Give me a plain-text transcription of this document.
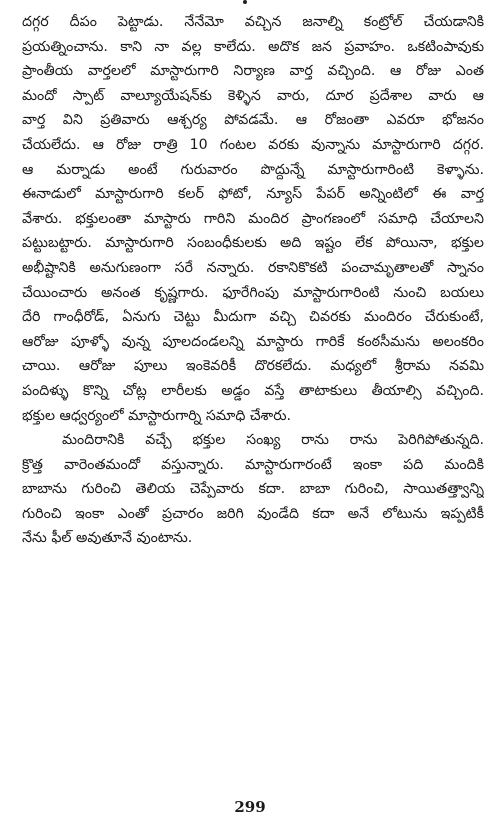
దగ్గర దీపం పెట్టాడు. నేనేమో వచ్చిన జనాల్ని కంట్రోల్ చేయడానికి
ప్రయత్నించాను. కాని నా వల్ల కాలేదు. అదొక జన ప్రవాహం. ఒకటింపావుకు
ప్రాంతీయ వార్తలలో మాస్టారుగారి నిర్యాణ వార్త వచ్చింది. ఆ రోజు ఎంత
మందో స్పాట్ వాల్యూయేషన్‌కు కెళ్ళిన వారు, దూర ప్రదేశాల వారు ఆ
వార్త విని ప్రతివారు ఆశ్చర్య పోవడమే. ఆ రోజంతా ఎవరూ భోజనం
చేయలేదు. ఆ రోజు రాత్రి 10 గంటల వరకు వున్నాను మాస్టారుగారి దగ్గర.
ఆ మర్నాడు అంటే గురువారం పొద్దున్నే మాస్టారుగారింటి కెళ్ళాను.
ఈనాడులో మాస్టారుగారి కలర్ ఫోటో, న్యూస్ పేపర్ అన్నింటిలో ఈ వార్త
వేశారు. భక్తులంతా మాస్టారు గారిని మందిర ప్రాంగణంలో సమాధి చేయాలని
పట్టుబట్టారు. మాస్టారుగారి సంబంధీకులకు అది ఇష్టం లేక పోయినా, భక్తుల
అభీష్టానికి అనుగుణంగా సరే నన్నారు. రకానికొకటి పంచామృతాలతో స్నానం
చేయించారు అనంత కృష్ణగారు. ఫూరేగింపు మాస్టారుగారింటి నుంచి బయలు
దేరి గాంధీరోడ్, ఏనుగు చెట్టు మీదుగా వచ్చి చివరకు మందిరం చేరుకుంటే,
ఆరోజు పూళ్ళో వున్న పూలదండలన్ని మాస్టారు గారికే కంఠసీమను అలంకరిం
చాయి. ఆరోజు పూలు ఇంకెవరికీ దొరకలేదు. మధ్యలో శ్రీరామ నవమి
పందిళ్ళు కొన్ని చోట్ల లారీలకు అడ్డం వస్తే తాటాకులు తీయాల్సి వచ్చింది.
భక్తుల ఆధ్వర్యంలో మాస్టారుగార్ని సమాధి చేశారు.
మందిరానికి వచ్చే భక్తుల సంఖ్య రాను రాను పెరిగిపోతున్నది.
క్రొత్త వారెంతమందో వస్తున్నారు. మాస్టారుగారంటే ఇంకా పది మందికి
బాబాను గురించి తెలియ చెప్పేవారు కదా. బాబా గురించి, సాయితత్త్వాన్ని
గురించి ఇంకా ఎంతో ప్రచారం జరిగి వుండేది కదా అనే లోటును ఇప్పటికీ
నేను ఫీల్ అవుతూనే వుంటాను.
299
